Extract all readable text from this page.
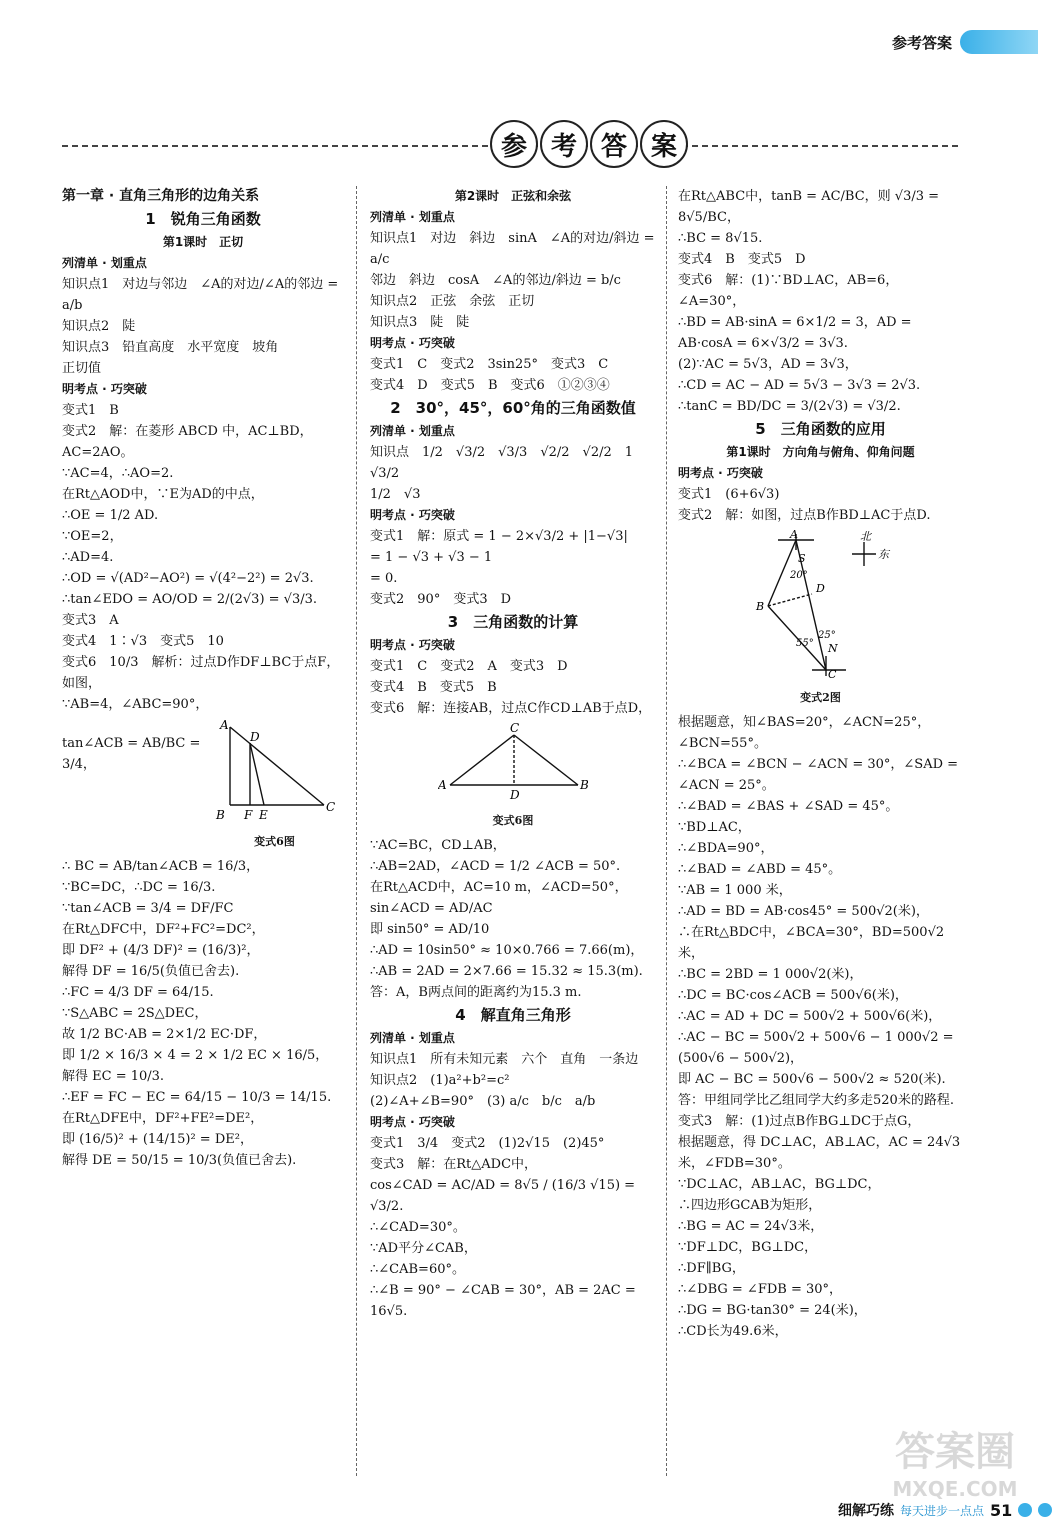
参考答案
参 考 答 案
第一章 · 直角三角形的边角关系
1　锐角三角函数
第1课时　正切
列清单 · 划重点
知识点1　对边与邻边　∠A的对边/∠A的邻边 = a/b
知识点2　陡
知识点3　铅直高度　水平宽度　坡角
正切值
明考点 · 巧突破
变式1　B
变式2　解：在菱形 ABCD 中，AC⊥BD，AC=2AO。
∵AC=4，∴AO=2.
在Rt△AOD中，∵E为AD的中点，
∴OE = 1/2 AD.
∵OE=2，
∴AD=4.
∴OD = √(AD²−AO²) = √(4²−2²) = 2√3.
∴tan∠EDO = AO/OD = 2/(2√3) = √3/3.
变式3　A
变式4　1∶√3　变式5　10
变式6　10/3　解析：过点D作DF⊥BC于点F，如图，
∵AB=4，∠ABC=90°，
tan∠ACB = AB/BC = 3/4，
A
D
B F E
C
变式6图
∴ BC = AB/tan∠ACB = 16/3，
∵BC=DC，∴DC = 16/3.
∵tan∠ACB = 3/4 = DF/FC
在Rt△DFC中，DF²+FC²=DC²，
即 DF² + (4/3 DF)² = (16/3)²，
解得 DF = 16/5(负值已舍去).
∴FC = 4/3 DF = 64/15.
∵S△ABC = 2S△DEC，
故 1/2 BC·AB = 2×1/2 EC·DF，
即 1/2 × 16/3 × 4 = 2 × 1/2 EC × 16/5，
解得 EC = 10/3.
∴EF = FC − EC = 64/15 − 10/3 = 14/15.
在Rt△DFE中，DF²+FE²=DE²，
即 (16/5)² + (14/15)² = DE²，
解得 DE = 50/15 = 10/3(负值已舍去).
第2课时　正弦和余弦
列清单 · 划重点
知识点1　对边　斜边　sinA　∠A的对边/斜边 = a/c
邻边　斜边　cosA　∠A的邻边/斜边 = b/c
知识点2　正弦　余弦　正切
知识点3　陡　陡
明考点 · 巧突破
变式1　C　变式2　3sin25°　变式3　C
变式4　D　变式5　B　变式6　①②③④
2　30°，45°，60°角的三角函数值
列清单 · 划重点
知识点　1/2　√3/2　√3/3　√2/2　√2/2　1　√3/2
1/2　√3
明考点 · 巧突破
变式1　解：原式 = 1 − 2×√3/2 + |1−√3|
= 1 − √3 + √3 − 1
= 0.
变式2　90°　变式3　D
3　三角函数的计算
明考点 · 巧突破
变式1　C　变式2　A　变式3　D
变式4　B　变式5　B
变式6　解：连接AB，过点C作CD⊥AB于点D，
C
A
D
B
变式6图
∵AC=BC，CD⊥AB，
∴AB=2AD，∠ACD = 1/2 ∠ACB = 50°.
在Rt△ACD中，AC=10 m，∠ACD=50°，
sin∠ACD = AD/AC
即 sin50° = AD/10
∴AD = 10sin50° ≈ 10×0.766 = 7.66(m)，
∴AB = 2AD = 2×7.66 = 15.32 ≈ 15.3(m).
答：A，B两点间的距离约为15.3 m.
4　解直角三角形
列清单 · 划重点
知识点1　所有未知元素　六个　直角　一条边
知识点2　(1)a²+b²=c²
(2)∠A+∠B=90°　(3) a/c　b/c　a/b
明考点 · 巧突破
变式1　3/4　变式2　(1)2√15　(2)45°
变式3　解：在Rt△ADC中，
cos∠CAD = AC/AD = 8√5 / (16/3 √15) = √3/2.
∴∠CAD=30°。
∵AD平分∠CAB，
∴∠CAB=60°。
∴∠B = 90° − ∠CAB = 30°，AB = 2AC = 16√5.
在Rt△ABC中，tanB = AC/BC，则 √3/3 = 8√5/BC，
∴BC = 8√15.
变式4　B　变式5　D
变式6　解：(1)∵BD⊥AC，AB=6，∠A=30°，
∴BD = AB·sinA = 6×1/2 = 3，AD = AB·cosA = 6×√3/2 = 3√3.
(2)∵AC = 5√3，AD = 3√3，
∴CD = AC − AD = 5√3 − 3√3 = 2√3.
∴tanC = BD/DC = 3/(2√3) = √3/2.
5　三角函数的应用
第1课时　方向角与俯角、仰角问题
明考点 · 巧突破
变式1　(6+6√3)
变式2　解：如图，过点B作BD⊥AC于点D.
A
S
20°
D
B
55°
25°
N
C
北
东
变式2图
根据题意，知∠BAS=20°，∠ACN=25°，∠BCN=55°。
∴∠BCA = ∠BCN − ∠ACN = 30°，∠SAD = ∠ACN = 25°。
∴∠BAD = ∠BAS + ∠SAD = 45°。
∵BD⊥AC，
∴∠BDA=90°，
∴∠BAD = ∠ABD = 45°。
∵AB = 1 000 米，
∴AD = BD = AB·cos45° = 500√2(米)，
∴在Rt△BDC中，∠BCA=30°，BD=500√2米，
∴BC = 2BD = 1 000√2(米)，
∴DC = BC·cos∠ACB = 500√6(米)，
∴AC = AD + DC = 500√2 + 500√6(米)，
∴AC − BC = 500√2 + 500√6 − 1 000√2 = (500√6 − 500√2)，
即 AC − BC = 500√6 − 500√2 ≈ 520(米).
答：甲组同学比乙组同学大约多走520米的路程.
变式3　解：(1)过点B作BG⊥DC于点G，
根据题意，得 DC⊥AC，AB⊥AC，AC = 24√3米，∠FDB=30°。
∵DC⊥AC，AB⊥AC，BG⊥DC，
∴四边形GCAB为矩形，
∴BG = AC = 24√3米，
∵DF⊥DC，BG⊥DC，
∴DF∥BG，
∴∠DBG = ∠FDB = 30°，
∴DG = BG·tan30° = 24(米)，
∴CD长为49.6米，
细解巧练 每天进步一点点 51
答案圈
MXQE.COM
